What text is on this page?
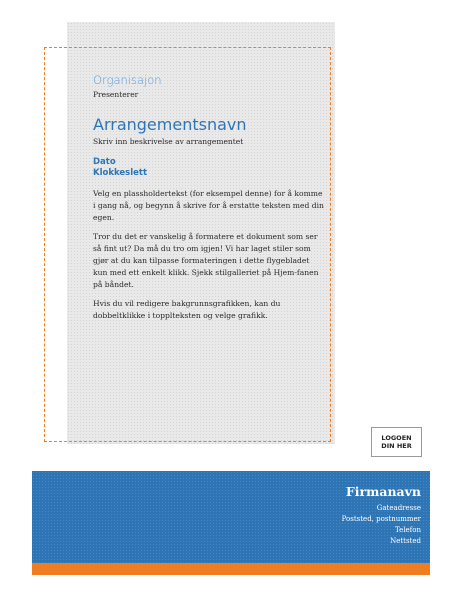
Organisajon

Presenterer

Arrangementsnavn

Skriv inn beskrivelse av arrangementet

Dato

Klokkeslett

Velg en plassholdertekst (for eksempel denne) for å komme i gang nå, og begynn å skrive for å erstatte teksten med din egen.

Tror du det er vanskelig å formatere et dokument som ser så fint ut? Da må du tro om igjen! Vi har laget stiler som gjør at du kan tilpasse formateringen i dette flygebladet kun med ett enkelt klikk. Sjekk stilgalleriet på Hjem-fanen på båndet.

Hvis du vil redigere bakgrunnsgrafikken, kan du dobbeltklikke i topplteksten og velge grafikk.

LOGOEN DIN HER

Firmanavn

Gateadresse

Poststed, postnummer

Telefon

Nettsted
